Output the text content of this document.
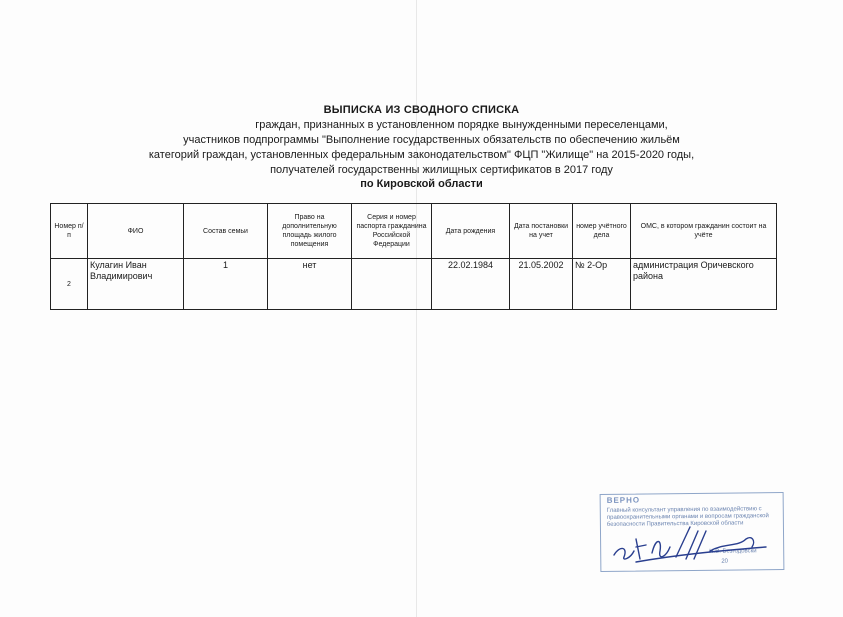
ВЫПИСКА ИЗ СВОДНОГО СПИСКА
граждан, признанных в установленном порядке вынужденными переселенцами,
участников подпрограммы "Выполнение государственных обязательств по обеспечению жильём
категорий граждан, установленных федеральным законодательством" ФЦП "Жилище" на 2015-2020 годы,
получателей государственны жилищных сертификатов в 2017 году
по Кировской области
Номер п/п	ФИО	Состав семьи	Право на дополнительную площадь жилого помещения	Серия и номер паспорта гражданина Российской Федерации	Дата рождения	Дата постановки на учет	номер учётного дела	ОМС, в котором гражданин состоит на учёте
2	Кулагин Иван Владимирович	1	нет		22.02.1984	21.05.2002	№ 2-Ор	администрация Оричевского района
ВЕРНО
Главный консультант управления по взаимодействию с правоохранительными органами и вопросам гражданской безопасности Правительства Кировской области
Н.В. Безгодовски
20
